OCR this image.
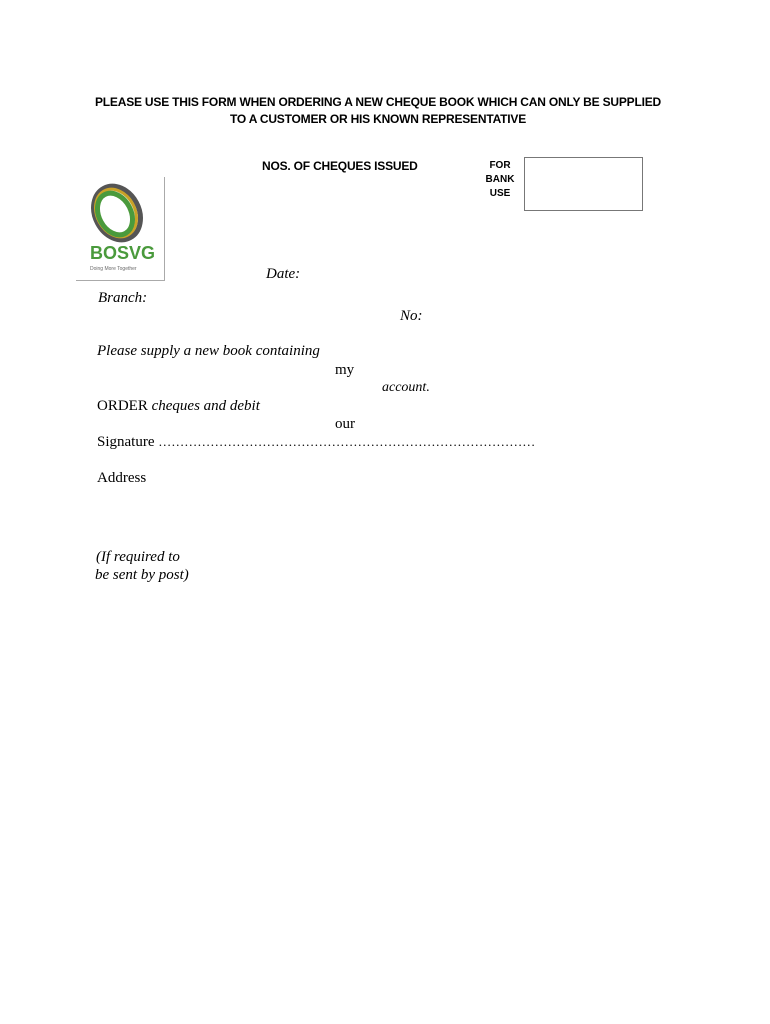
PLEASE USE THIS FORM WHEN ORDERING A NEW CHEQUE BOOK WHICH CAN ONLY BE SUPPLIED
TO A CUSTOMER OR HIS KNOWN REPRESENTATIVE
NOS. OF CHEQUES ISSUED	FOR
BANK
USE
BOSVG
Doing More Together	Date:
Branch:
No:
Please supply a new book containing
my
account.
ORDER cheques and debit
our
Signature ……………………………………………………………………………
Address
(If required to
be sent by post)
